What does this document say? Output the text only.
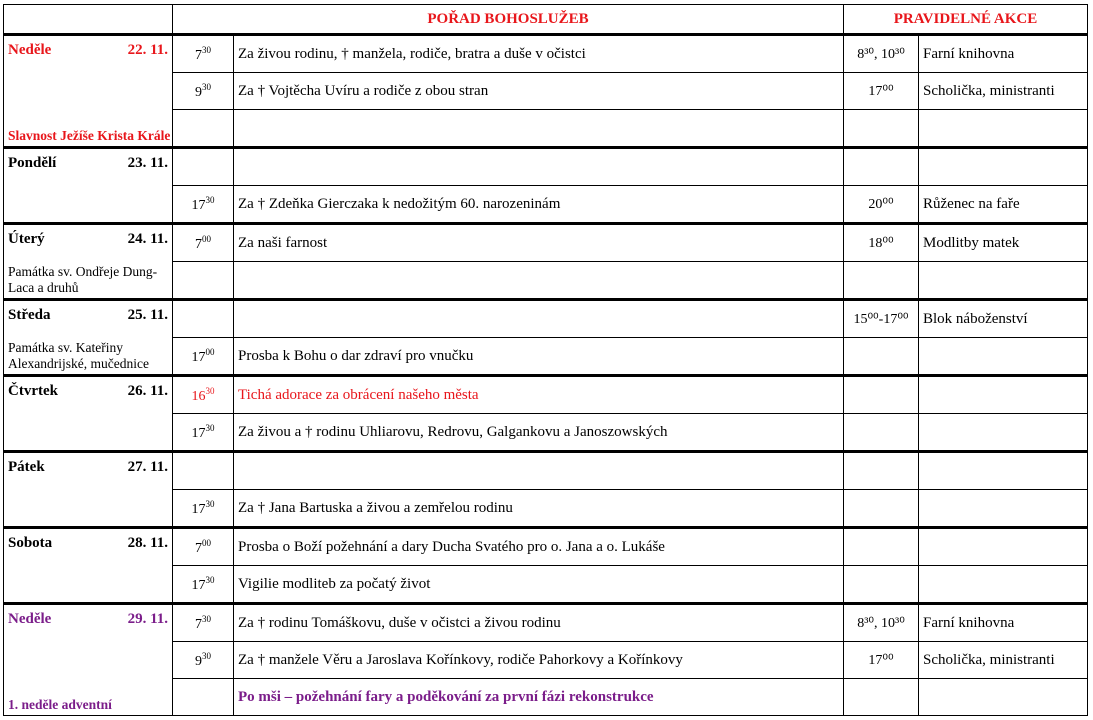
	POŘAD BOHOSLUŽEB		PRAVIDELNÉ AKCE	

Neděle 22. 11.
Slavnost Ježíše Krista Krále	$7^{30}$	Za živou rodinu, † manžela, rodiče, bratra a duše v očistci	8³⁰, 10³⁰	Farní knihovna
	$9^{30}$	Za † Vojtěcha Uvíru a rodiče z obou stran	17⁰⁰	Scholička, ministranti

Pondělí 23. 11.				

	$17^{30}$	Za † Zdeňka Gierczaka k nedožitým 60. narozeninám	20⁰⁰	Růženec na faře

Úterý 24. 11.
Památka sv. Ondřeje Dung-Laca a druhů	$7^{00}$	Za naši farnost	18⁰⁰	Modlitby matek

Středa 25. 11.
Památka sv. Kateřiny Alexandrijské, mučednice			15⁰⁰-17⁰⁰	Blok náboženství
	$17^{00}$	Prosba k Bohu o dar zdraví pro vnučku		

Čtvrtek 26. 11.	$16^{30}$	Tichá adorace za obrácení našeho města		
	$17^{30}$	Za živou a † rodinu Uhliarovu, Redrovu, Galgankovu a Janoszowských		

Pátek 27. 11.				

	$17^{30}$	Za † Jana Bartuska a živou a zemřelou rodinu		

Sobota 28. 11.	$7^{00}$	Prosba o Boží požehnání a dary Ducha Svatého pro o. Jana a o. Lukáše		
	$17^{30}$	Vigilie modliteb za počatý život		

Neděle 29. 11.
1. neděle adventní	$7^{30}$	Za † rodinu Tomáškovu, duše v očistci a živou rodinu	8³⁰, 10³⁰	Farní knihovna
	$9^{30}$	Za † manžele Věru a Jaroslava Kořínkovy, rodiče Pahorkovy a Kořínkovy	17⁰⁰	Scholička, ministranti
		Po mši – požehnání fary a poděkování za první fázi rekonstrukce		
